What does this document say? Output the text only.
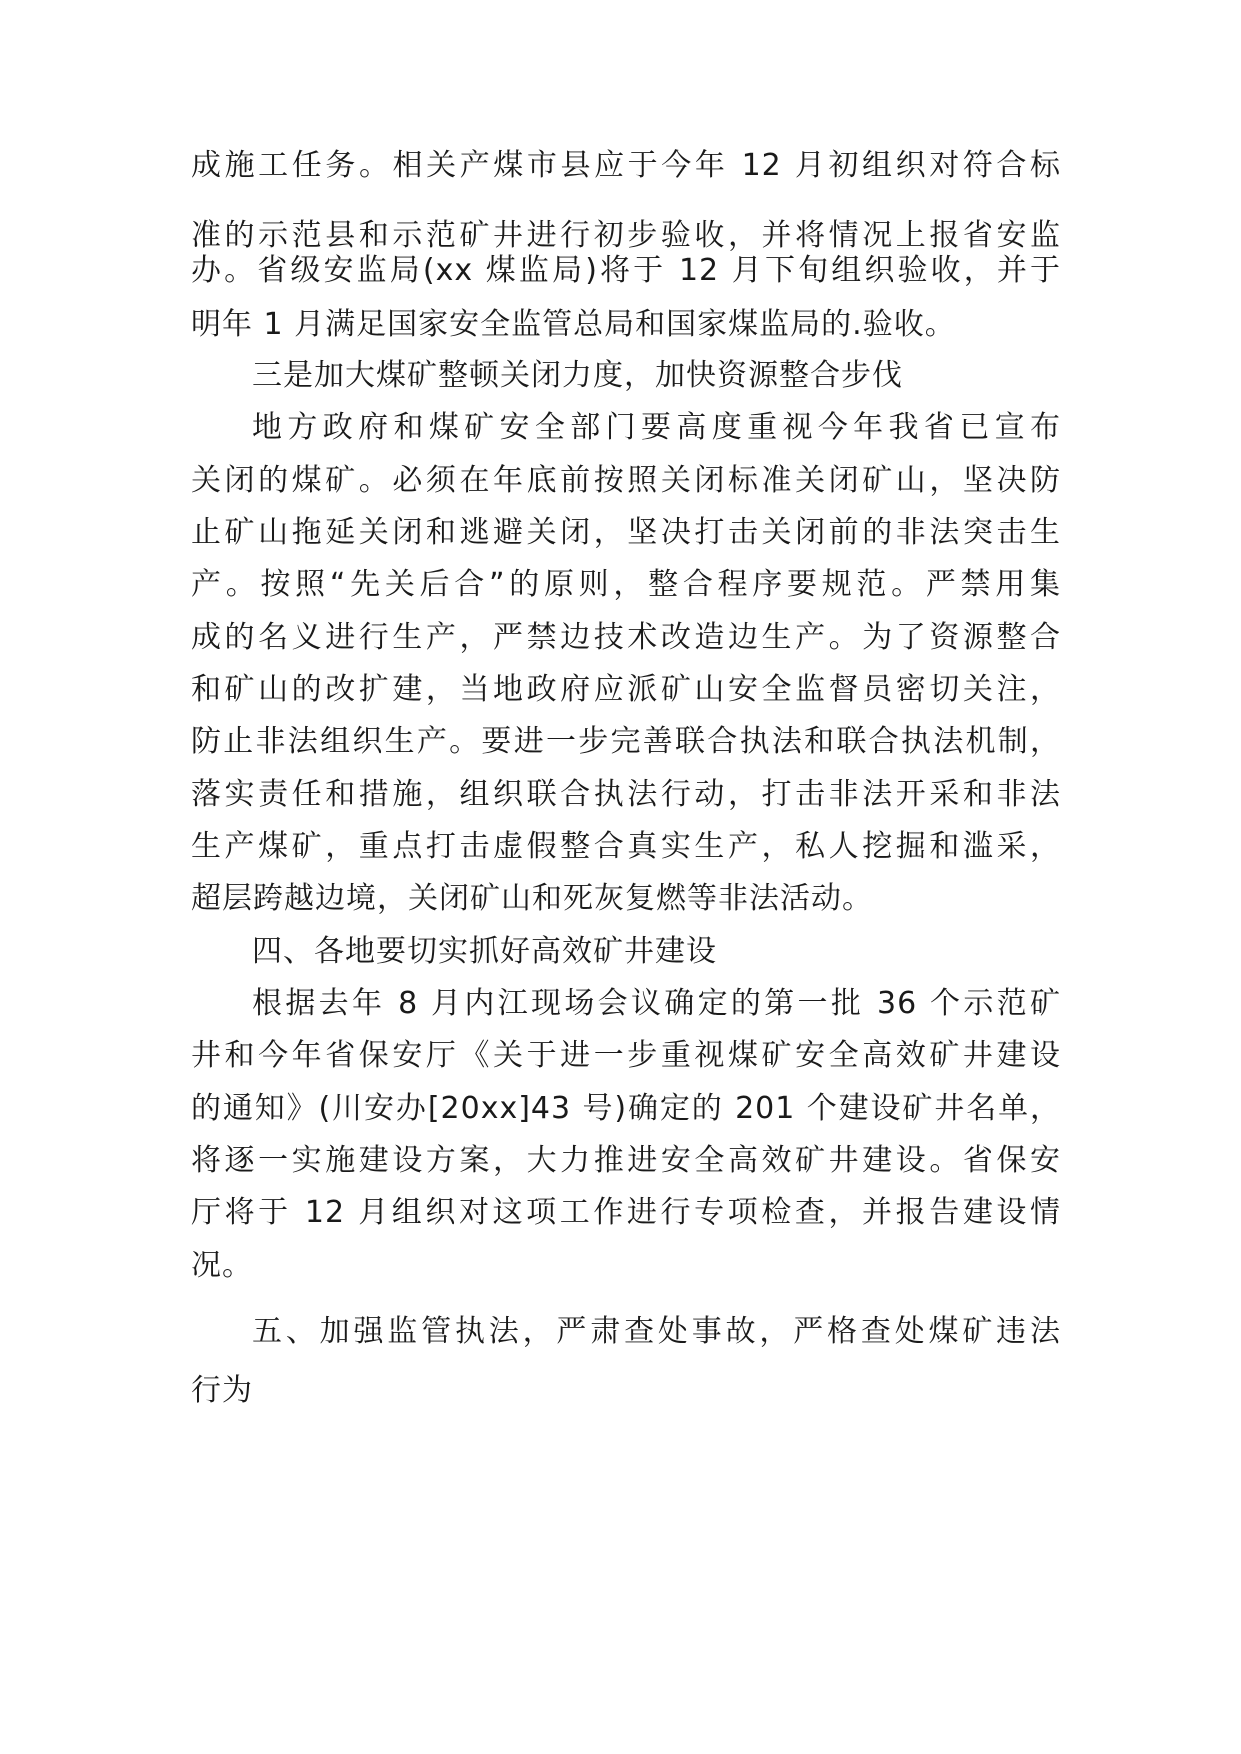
成施工任务。相关产煤市县应于今年 12 月初组织对符合标
准的示范县和示范矿井进行初步验收，并将情况上报省安监
办。省级安监局(xx 煤监局)将于 12 月下旬组织验收，并于
明年 1 月满足国家安全监管总局和国家煤监局的.验收。
三是加大煤矿整顿关闭力度，加快资源整合步伐
地方政府和煤矿安全部门要高度重视今年我省已宣布
关闭的煤矿。必须在年底前按照关闭标准关闭矿山，坚决防
止矿山拖延关闭和逃避关闭，坚决打击关闭前的非法突击生
产。按照“先关后合”的原则，整合程序要规范。严禁用集
成的名义进行生产，严禁边技术改造边生产。为了资源整合
和矿山的改扩建，当地政府应派矿山安全监督员密切关注，
防止非法组织生产。要进一步完善联合执法和联合执法机制，
落实责任和措施，组织联合执法行动，打击非法开采和非法
生产煤矿，重点打击虚假整合真实生产，私人挖掘和滥采，
超层跨越边境，关闭矿山和死灰复燃等非法活动。
四、各地要切实抓好高效矿井建设
根据去年 8 月内江现场会议确定的第一批 36 个示范矿
井和今年省保安厅《关于进一步重视煤矿安全高效矿井建设
的通知》(川安办[20xx]43 号)确定的 201 个建设矿井名单，
将逐一实施建设方案，大力推进安全高效矿井建设。省保安
厅将于 12 月组织对这项工作进行专项检查，并报告建设情
况。
五、加强监管执法，严肃查处事故，严格查处煤矿违法
行为
